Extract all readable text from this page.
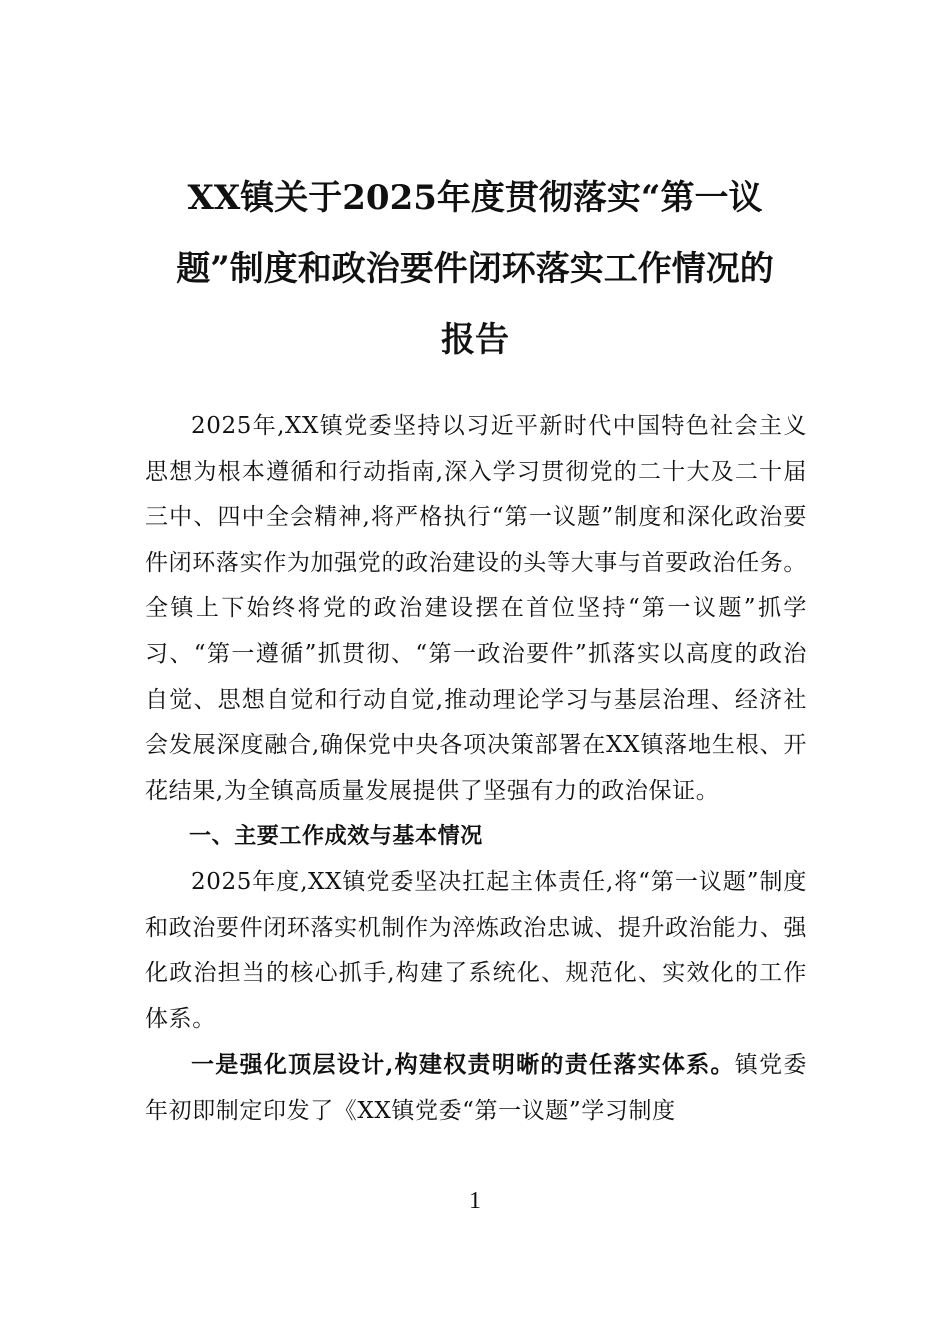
XX镇关于2025年度贯彻落实“第一议
题”制度和政治要件闭环落实工作情况的
报告

2025年,XX镇党委坚持以习近平新时代中国特色社会主义思想为根本遵循和行动指南,深入学习贯彻党的二十大及二十届三中、四中全会精神,将严格执行“第一议题”制度和深化政治要件闭环落实作为加强党的政治建设的头等大事与首要政治任务。全镇上下始终将党的政治建设摆在首位坚持“第一议题”抓学习、“第一遵循”抓贯彻、“第一政治要件”抓落实以高度的政治自觉、思想自觉和行动自觉,推动理论学习与基层治理、经济社会发展深度融合,确保党中央各项决策部署在XX镇落地生根、开花结果,为全镇高质量发展提供了坚强有力的政治保证。

一、主要工作成效与基本情况

2025年度,XX镇党委坚决扛起主体责任,将“第一议题”制度和政治要件闭环落实机制作为淬炼政治忠诚、提升政治能力、强化政治担当的核心抓手,构建了系统化、规范化、实效化的工作体系。

一是强化顶层设计,构建权责明晰的责任落实体系。镇党委年初即制定印发了《XX镇党委“第一议题”学习制度

1
